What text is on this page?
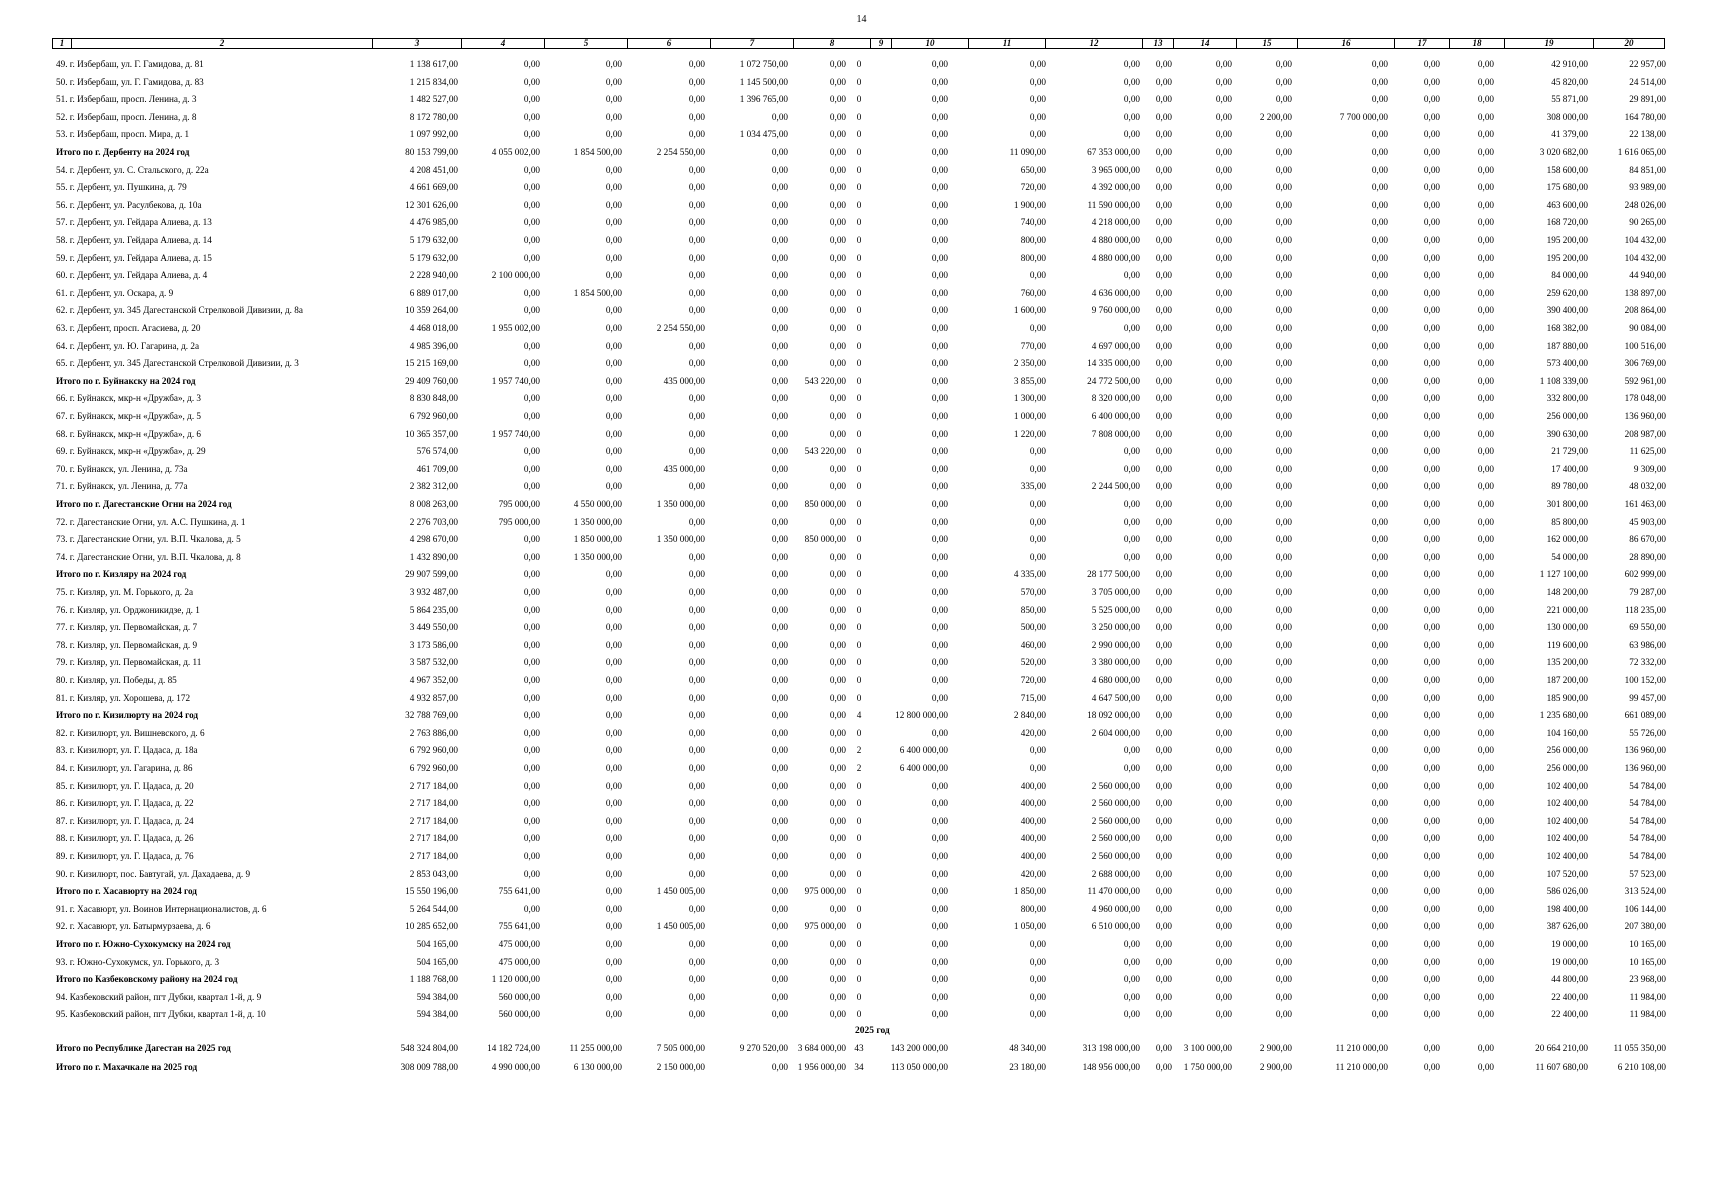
14
1	2	3	4	5	6	7	8	9	10	11	12	13	14	15	16	17	18	19	20
49. г. Избербаш, ул. Г. Гамидова, д. 81	1 138 617,00	0,00	0,00	0,00	1 072 750,00	0,00	0	0,00	0,00	0,00	0,00	0,00	0,00	0,00	0,00	0,00	42 910,00	22 957,00
50. г. Избербаш, ул. Г. Гамидова, д. 83	1 215 834,00	0,00	0,00	0,00	1 145 500,00	0,00	0	0,00	0,00	0,00	0,00	0,00	0,00	0,00	0,00	0,00	45 820,00	24 514,00
51. г. Избербаш, просп. Ленина, д. 3	1 482 527,00	0,00	0,00	0,00	1 396 765,00	0,00	0	0,00	0,00	0,00	0,00	0,00	0,00	0,00	0,00	0,00	55 871,00	29 891,00
52. г. Избербаш, просп. Ленина, д. 8	8 172 780,00	0,00	0,00	0,00	0,00	0,00	0	0,00	0,00	0,00	0,00	0,00	2 200,00	7 700 000,00	0,00	0,00	308 000,00	164 780,00
53. г. Избербаш, просп. Мира, д. 1	1 097 992,00	0,00	0,00	0,00	1 034 475,00	0,00	0	0,00	0,00	0,00	0,00	0,00	0,00	0,00	0,00	0,00	41 379,00	22 138,00
Итого по г. Дербенту на 2024 год	80 153 799,00	4 055 002,00	1 854 500,00	2 254 550,00	0,00	0,00	0	0,00	11 090,00	67 353 000,00	0,00	0,00	0,00	0,00	0,00	0,00	3 020 682,00	1 616 065,00
54. г. Дербент, ул. С. Стальского, д. 22а	4 208 451,00	0,00	0,00	0,00	0,00	0,00	0	0,00	650,00	3 965 000,00	0,00	0,00	0,00	0,00	0,00	0,00	158 600,00	84 851,00
55. г. Дербент, ул. Пушкина, д. 79	4 661 669,00	0,00	0,00	0,00	0,00	0,00	0	0,00	720,00	4 392 000,00	0,00	0,00	0,00	0,00	0,00	0,00	175 680,00	93 989,00
56. г. Дербент, ул. Расулбекова, д. 10а	12 301 626,00	0,00	0,00	0,00	0,00	0,00	0	0,00	1 900,00	11 590 000,00	0,00	0,00	0,00	0,00	0,00	0,00	463 600,00	248 026,00
57. г. Дербент, ул. Гейдара Алиева, д. 13	4 476 985,00	0,00	0,00	0,00	0,00	0,00	0	0,00	740,00	4 218 000,00	0,00	0,00	0,00	0,00	0,00	0,00	168 720,00	90 265,00
58. г. Дербент, ул. Гейдара Алиева, д. 14	5 179 632,00	0,00	0,00	0,00	0,00	0,00	0	0,00	800,00	4 880 000,00	0,00	0,00	0,00	0,00	0,00	0,00	195 200,00	104 432,00
59. г. Дербент, ул. Гейдара Алиева, д. 15	5 179 632,00	0,00	0,00	0,00	0,00	0,00	0	0,00	800,00	4 880 000,00	0,00	0,00	0,00	0,00	0,00	0,00	195 200,00	104 432,00
60. г. Дербент, ул. Гейдара Алиева, д. 4	2 228 940,00	2 100 000,00	0,00	0,00	0,00	0,00	0	0,00	0,00	0,00	0,00	0,00	0,00	0,00	0,00	0,00	84 000,00	44 940,00
61. г. Дербент, ул. Оскара, д. 9	6 889 017,00	0,00	1 854 500,00	0,00	0,00	0,00	0	0,00	760,00	4 636 000,00	0,00	0,00	0,00	0,00	0,00	0,00	259 620,00	138 897,00
62. г. Дербент, ул. 345 Дагестанской Стрелковой Дивизии, д. 8а	10 359 264,00	0,00	0,00	0,00	0,00	0,00	0	0,00	1 600,00	9 760 000,00	0,00	0,00	0,00	0,00	0,00	0,00	390 400,00	208 864,00
63. г. Дербент, просп. Агасиева, д. 20	4 468 018,00	1 955 002,00	0,00	2 254 550,00	0,00	0,00	0	0,00	0,00	0,00	0,00	0,00	0,00	0,00	0,00	0,00	168 382,00	90 084,00
64. г. Дербент, ул. Ю. Гагарина, д. 2а	4 985 396,00	0,00	0,00	0,00	0,00	0,00	0	0,00	770,00	4 697 000,00	0,00	0,00	0,00	0,00	0,00	0,00	187 880,00	100 516,00
65. г. Дербент, ул. 345 Дагестанской Стрелковой Дивизии, д. 3	15 215 169,00	0,00	0,00	0,00	0,00	0,00	0	0,00	2 350,00	14 335 000,00	0,00	0,00	0,00	0,00	0,00	0,00	573 400,00	306 769,00
Итого по г. Буйнакску на 2024 год	29 409 760,00	1 957 740,00	0,00	435 000,00	0,00	543 220,00	0	0,00	3 855,00	24 772 500,00	0,00	0,00	0,00	0,00	0,00	0,00	1 108 339,00	592 961,00
66. г. Буйнакск, мкр-н «Дружба», д. 3	8 830 848,00	0,00	0,00	0,00	0,00	0,00	0	0,00	1 300,00	8 320 000,00	0,00	0,00	0,00	0,00	0,00	0,00	332 800,00	178 048,00
67. г. Буйнакск, мкр-н «Дружба», д. 5	6 792 960,00	0,00	0,00	0,00	0,00	0,00	0	0,00	1 000,00	6 400 000,00	0,00	0,00	0,00	0,00	0,00	0,00	256 000,00	136 960,00
68. г. Буйнакск, мкр-н «Дружба», д. 6	10 365 357,00	1 957 740,00	0,00	0,00	0,00	0,00	0	0,00	1 220,00	7 808 000,00	0,00	0,00	0,00	0,00	0,00	0,00	390 630,00	208 987,00
69. г. Буйнакск, мкр-н «Дружба», д. 29	576 574,00	0,00	0,00	0,00	0,00	543 220,00	0	0,00	0,00	0,00	0,00	0,00	0,00	0,00	0,00	0,00	21 729,00	11 625,00
70. г. Буйнакск, ул. Ленина, д. 73а	461 709,00	0,00	0,00	435 000,00	0,00	0,00	0	0,00	0,00	0,00	0,00	0,00	0,00	0,00	0,00	0,00	17 400,00	9 309,00
71. г. Буйнакск, ул. Ленина, д. 77а	2 382 312,00	0,00	0,00	0,00	0,00	0,00	0	0,00	335,00	2 244 500,00	0,00	0,00	0,00	0,00	0,00	0,00	89 780,00	48 032,00
Итого по г. Дагестанские Огни на 2024 год	8 008 263,00	795 000,00	4 550 000,00	1 350 000,00	0,00	850 000,00	0	0,00	0,00	0,00	0,00	0,00	0,00	0,00	0,00	0,00	301 800,00	161 463,00
72. г. Дагестанские Огни, ул. А.С. Пушкина, д. 1	2 276 703,00	795 000,00	1 350 000,00	0,00	0,00	0,00	0	0,00	0,00	0,00	0,00	0,00	0,00	0,00	0,00	0,00	85 800,00	45 903,00
73. г. Дагестанские Огни, ул. В.П. Чкалова, д. 5	4 298 670,00	0,00	1 850 000,00	1 350 000,00	0,00	850 000,00	0	0,00	0,00	0,00	0,00	0,00	0,00	0,00	0,00	0,00	162 000,00	86 670,00
74. г. Дагестанские Огни, ул. В.П. Чкалова, д. 8	1 432 890,00	0,00	1 350 000,00	0,00	0,00	0,00	0	0,00	0,00	0,00	0,00	0,00	0,00	0,00	0,00	0,00	54 000,00	28 890,00
Итого по г. Кизляру на 2024 год	29 907 599,00	0,00	0,00	0,00	0,00	0,00	0	0,00	4 335,00	28 177 500,00	0,00	0,00	0,00	0,00	0,00	0,00	1 127 100,00	602 999,00
75. г. Кизляр, ул. М. Горького, д. 2а	3 932 487,00	0,00	0,00	0,00	0,00	0,00	0	0,00	570,00	3 705 000,00	0,00	0,00	0,00	0,00	0,00	0,00	148 200,00	79 287,00
76. г. Кизляр, ул. Орджоникидзе, д. 1	5 864 235,00	0,00	0,00	0,00	0,00	0,00	0	0,00	850,00	5 525 000,00	0,00	0,00	0,00	0,00	0,00	0,00	221 000,00	118 235,00
77. г. Кизляр, ул. Первомайская, д. 7	3 449 550,00	0,00	0,00	0,00	0,00	0,00	0	0,00	500,00	3 250 000,00	0,00	0,00	0,00	0,00	0,00	0,00	130 000,00	69 550,00
78. г. Кизляр, ул. Первомайская, д. 9	3 173 586,00	0,00	0,00	0,00	0,00	0,00	0	0,00	460,00	2 990 000,00	0,00	0,00	0,00	0,00	0,00	0,00	119 600,00	63 986,00
79. г. Кизляр, ул. Первомайская, д. 11	3 587 532,00	0,00	0,00	0,00	0,00	0,00	0	0,00	520,00	3 380 000,00	0,00	0,00	0,00	0,00	0,00	0,00	135 200,00	72 332,00
80. г. Кизляр, ул. Победы, д. 85	4 967 352,00	0,00	0,00	0,00	0,00	0,00	0	0,00	720,00	4 680 000,00	0,00	0,00	0,00	0,00	0,00	0,00	187 200,00	100 152,00
81. г. Кизляр, ул. Хорошева, д. 172	4 932 857,00	0,00	0,00	0,00	0,00	0,00	0	0,00	715,00	4 647 500,00	0,00	0,00	0,00	0,00	0,00	0,00	185 900,00	99 457,00
Итого по г. Кизилюрту на 2024 год	32 788 769,00	0,00	0,00	0,00	0,00	0,00	4	12 800 000,00	2 840,00	18 092 000,00	0,00	0,00	0,00	0,00	0,00	0,00	1 235 680,00	661 089,00
82. г. Кизилюрт, ул. Вишневского, д. 6	2 763 886,00	0,00	0,00	0,00	0,00	0,00	0	0,00	420,00	2 604 000,00	0,00	0,00	0,00	0,00	0,00	0,00	104 160,00	55 726,00
83. г. Кизилюрт, ул. Г. Цадаса, д. 18а	6 792 960,00	0,00	0,00	0,00	0,00	0,00	2	6 400 000,00	0,00	0,00	0,00	0,00	0,00	0,00	0,00	0,00	256 000,00	136 960,00
84. г. Кизилюрт, ул. Гагарина, д. 86	6 792 960,00	0,00	0,00	0,00	0,00	0,00	2	6 400 000,00	0,00	0,00	0,00	0,00	0,00	0,00	0,00	0,00	256 000,00	136 960,00
85. г. Кизилюрт, ул. Г. Цадаса, д. 20	2 717 184,00	0,00	0,00	0,00	0,00	0,00	0	0,00	400,00	2 560 000,00	0,00	0,00	0,00	0,00	0,00	0,00	102 400,00	54 784,00
86. г. Кизилюрт, ул. Г. Цадаса, д. 22	2 717 184,00	0,00	0,00	0,00	0,00	0,00	0	0,00	400,00	2 560 000,00	0,00	0,00	0,00	0,00	0,00	0,00	102 400,00	54 784,00
87. г. Кизилюрт, ул. Г. Цадаса, д. 24	2 717 184,00	0,00	0,00	0,00	0,00	0,00	0	0,00	400,00	2 560 000,00	0,00	0,00	0,00	0,00	0,00	0,00	102 400,00	54 784,00
88. г. Кизилюрт, ул. Г. Цадаса, д. 26	2 717 184,00	0,00	0,00	0,00	0,00	0,00	0	0,00	400,00	2 560 000,00	0,00	0,00	0,00	0,00	0,00	0,00	102 400,00	54 784,00
89. г. Кизилюрт, ул. Г. Цадаса, д. 76	2 717 184,00	0,00	0,00	0,00	0,00	0,00	0	0,00	400,00	2 560 000,00	0,00	0,00	0,00	0,00	0,00	0,00	102 400,00	54 784,00
90. г. Кизилюрт, пос. Бавтугай, ул. Дахадаева, д. 9	2 853 043,00	0,00	0,00	0,00	0,00	0,00	0	0,00	420,00	2 688 000,00	0,00	0,00	0,00	0,00	0,00	0,00	107 520,00	57 523,00
Итого по г. Хасавюрту на 2024 год	15 550 196,00	755 641,00	0,00	1 450 005,00	0,00	975 000,00	0	0,00	1 850,00	11 470 000,00	0,00	0,00	0,00	0,00	0,00	0,00	586 026,00	313 524,00
91. г. Хасавюрт, ул. Воинов Интернационалистов, д. 6	5 264 544,00	0,00	0,00	0,00	0,00	0,00	0	0,00	800,00	4 960 000,00	0,00	0,00	0,00	0,00	0,00	0,00	198 400,00	106 144,00
92. г. Хасавюрт, ул. Батырмурзаева, д. 6	10 285 652,00	755 641,00	0,00	1 450 005,00	0,00	975 000,00	0	0,00	1 050,00	6 510 000,00	0,00	0,00	0,00	0,00	0,00	0,00	387 626,00	207 380,00
Итого по г. Южно-Сухокумску на 2024 год	504 165,00	475 000,00	0,00	0,00	0,00	0,00	0	0,00	0,00	0,00	0,00	0,00	0,00	0,00	0,00	0,00	19 000,00	10 165,00
93. г. Южно-Сухокумск, ул. Горького, д. 3	504 165,00	475 000,00	0,00	0,00	0,00	0,00	0	0,00	0,00	0,00	0,00	0,00	0,00	0,00	0,00	0,00	19 000,00	10 165,00
Итого по Казбековскому району на 2024 год	1 188 768,00	1 120 000,00	0,00	0,00	0,00	0,00	0	0,00	0,00	0,00	0,00	0,00	0,00	0,00	0,00	0,00	44 800,00	23 968,00
94. Казбековский район, пгт Дубки, квартал 1-й, д. 9	594 384,00	560 000,00	0,00	0,00	0,00	0,00	0	0,00	0,00	0,00	0,00	0,00	0,00	0,00	0,00	0,00	22 400,00	11 984,00
95. Казбековский район, пгт Дубки, квартал 1-й, д. 10	594 384,00	560 000,00	0,00	0,00	0,00	0,00	0	0,00	0,00	0,00	0,00	0,00	0,00	0,00	0,00	0,00	22 400,00	11 984,00
Итого по Республике Дагестан на 2025 год	548 324 804,00	14 182 724,00	11 255 000,00	7 505 000,00	9 270 520,00	3 684 000,00 43	143 200 000,00	48 340,00	313 198 000,00	0,00	3 100 000,00	2 900,00	11 210 000,00	0,00	0,00	20 664 210,00	11 055 350,00
Итого по г. Махачкале на 2025 год	308 009 788,00	4 990 000,00	6 130 000,00	2 150 000,00	0,00	1 956 000,00 34	113 050 000,00	23 180,00	148 956 000,00	0,00	1 750 000,00	2 900,00	11 210 000,00	0,00	0,00	11 607 680,00	6 210 108,00
2025 год
